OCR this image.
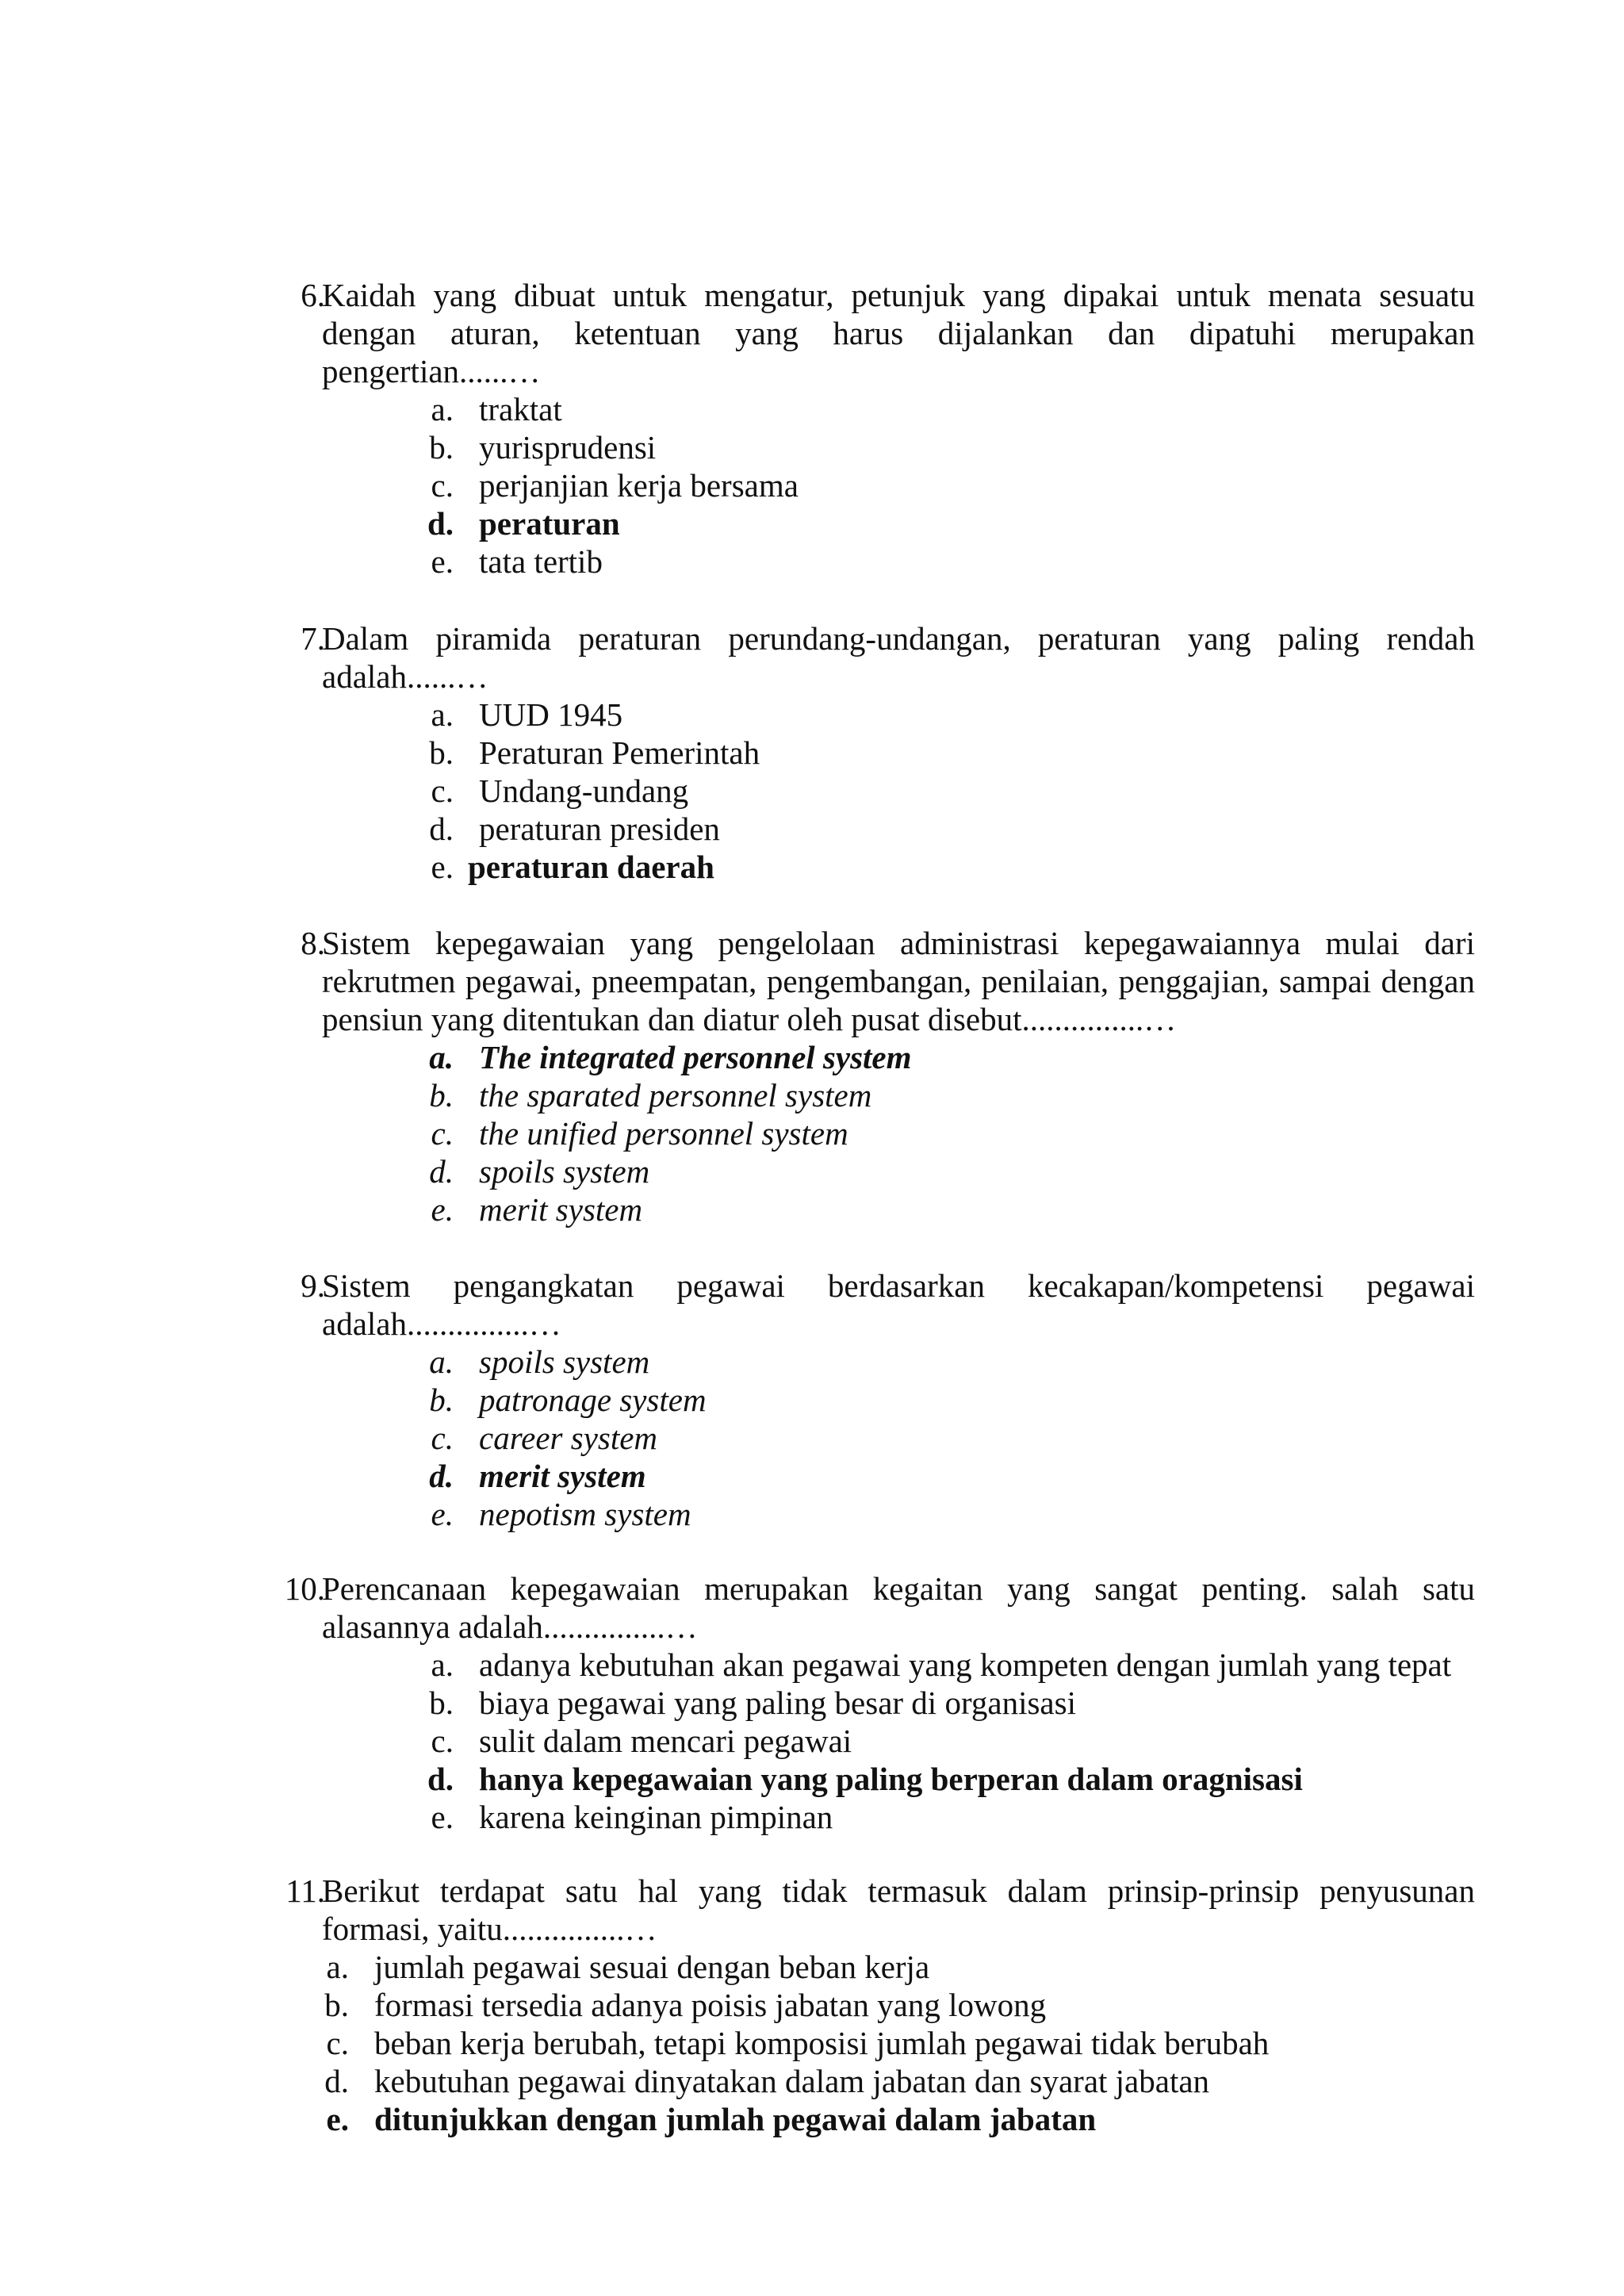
6.
Kaidah yang dibuat untuk mengatur, petunjuk yang dipakai untuk menata sesuatu dengan aturan, ketentuan yang harus dijalankan dan dipatuhi merupakan pengertian......…
a. traktat
b. yurisprudensi
c. perjanjian kerja bersama
d. peraturan
e. tata tertib
7.
Dalam piramida peraturan perundang-undangan, peraturan yang paling rendah adalah......…
a. UUD 1945
b. Peraturan Pemerintah
c. Undang-undang
d. peraturan presiden
e. peraturan daerah
8.
Sistem kepegawaian yang pengelolaan administrasi kepegawaiannya mulai dari rekrutmen pegawai, pneempatan, pengembangan, penilaian, penggajian, sampai dengan pensiun yang ditentukan dan diatur oleh pusat disebut...............…
a. The integrated personnel system
b. the sparated personnel system
c. the unified personnel system
d. spoils system
e. merit system
9.
Sistem pengangkatan pegawai berdasarkan kecakapan/kompetensi pegawai adalah...............…
a. spoils system
b. patronage system
c. career system
d. merit system
e. nepotism system
10.
Perencanaan kepegawaian merupakan kegaitan yang sangat penting. salah satu alasannya adalah...............…
a. adanya kebutuhan akan pegawai yang kompeten dengan jumlah yang tepat
b. biaya pegawai yang paling besar di organisasi
c. sulit dalam mencari pegawai
d. hanya kepegawaian yang paling berperan dalam oragnisasi
e. karena keinginan pimpinan
11.
Berikut terdapat satu hal yang tidak termasuk dalam prinsip-prinsip penyusunan formasi, yaitu...............…
a. jumlah pegawai sesuai dengan beban kerja
b. formasi tersedia adanya poisis jabatan yang lowong
c. beban kerja berubah, tetapi komposisi jumlah pegawai tidak berubah
d. kebutuhan pegawai dinyatakan dalam jabatan dan syarat jabatan
e. ditunjukkan dengan jumlah pegawai dalam jabatan
